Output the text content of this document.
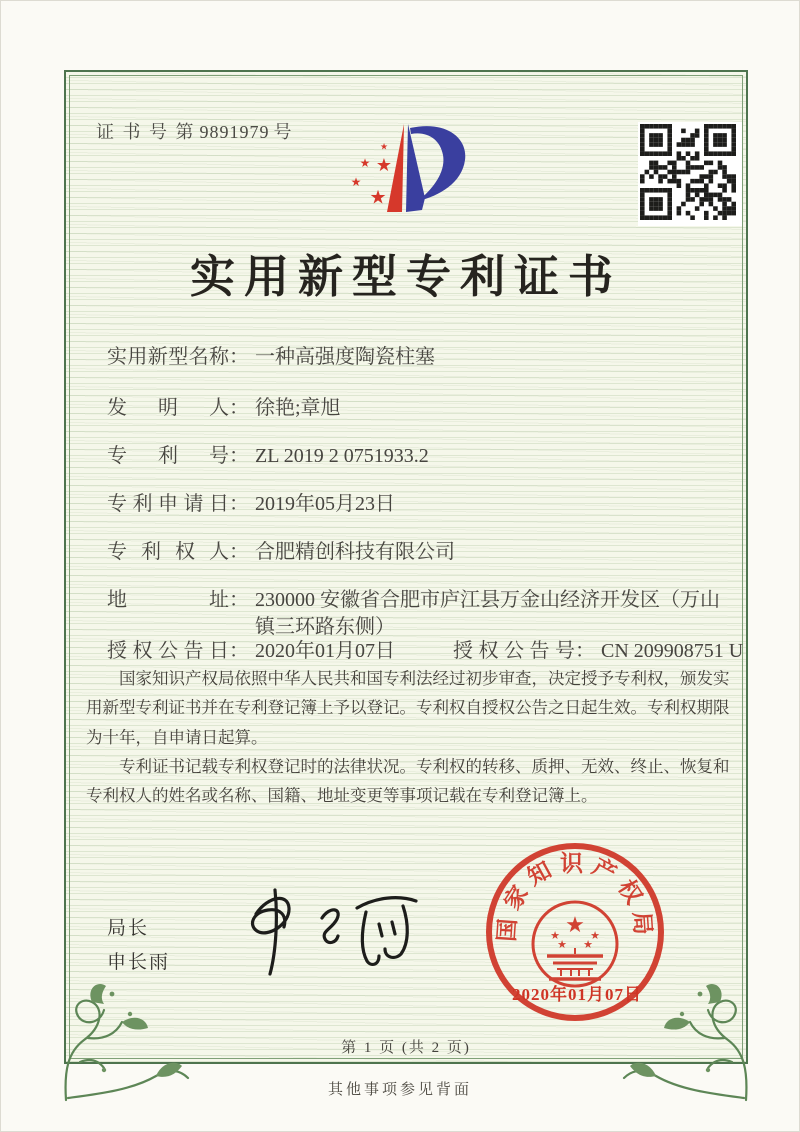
证 书 号 第 9891979 号
★
★ ★
★
★
实用新型专利证书
实用新型名称 ： 一种高强度陶瓷柱塞
发明人 ： 徐艳;章旭
专利号 ： ZL 2019 2 0751933.2
专利申请日 ： 2019年05月23日
专利权人 ： 合肥精创科技有限公司
地址 ： 230000 安徽省合肥市庐江县万金山经济开发区（万山镇三环路东侧）
授权公告日 ： 2020年01月07日	授权公告号 ： CN 209908751 U

国家知识产权局依照中华人民共和国专利法经过初步审查，决定授予专利权，颁发实用新型专利证书并在专利登记簿上予以登记。专利权自授权公告之日起生效。专利权期限为十年，自申请日起算。

专利证书记载专利权登记时的法律状况。专利权的转移、质押、无效、终止、恢复和专利权人的姓名或名称、国籍、地址变更等事项记载在专利登记簿上。

局长
申长雨
国家知识产权局
★
★	★
★ ★
2020年01月07日
第 1 页 (共 2 页)
其他事项参见背面
